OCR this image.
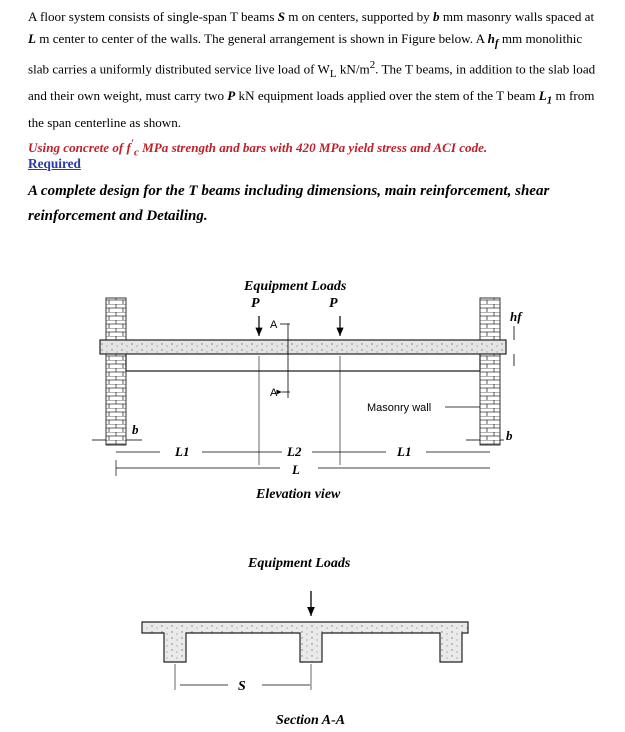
A floor system consists of single-span T beams S m on centers, supported by b mm masonry walls spaced at L m center to center of the walls. The general arrangement is shown in Figure below. A $h_f$ mm monolithic slab carries a uniformly distributed service live load of $W_L$ $kN/m^2$. The T beams, in addition to the slab load and their own weight, must carry two P kN equipment loads applied over the stem of the T beam $L_1$ m from the span centerline as shown.
Using concrete of $f'_c$ MPa strength and bars with 420 MPa yield stress and ACI code.
Required
A complete design for the T beams including dimensions, main reinforcement, shear reinforcement and Detailing.
Equipment Loads
P	P
A
A
Masonry wall
hf
b	b
L1	L2	L1
L
Elevation view
Equipment Loads
S
Section A-A
